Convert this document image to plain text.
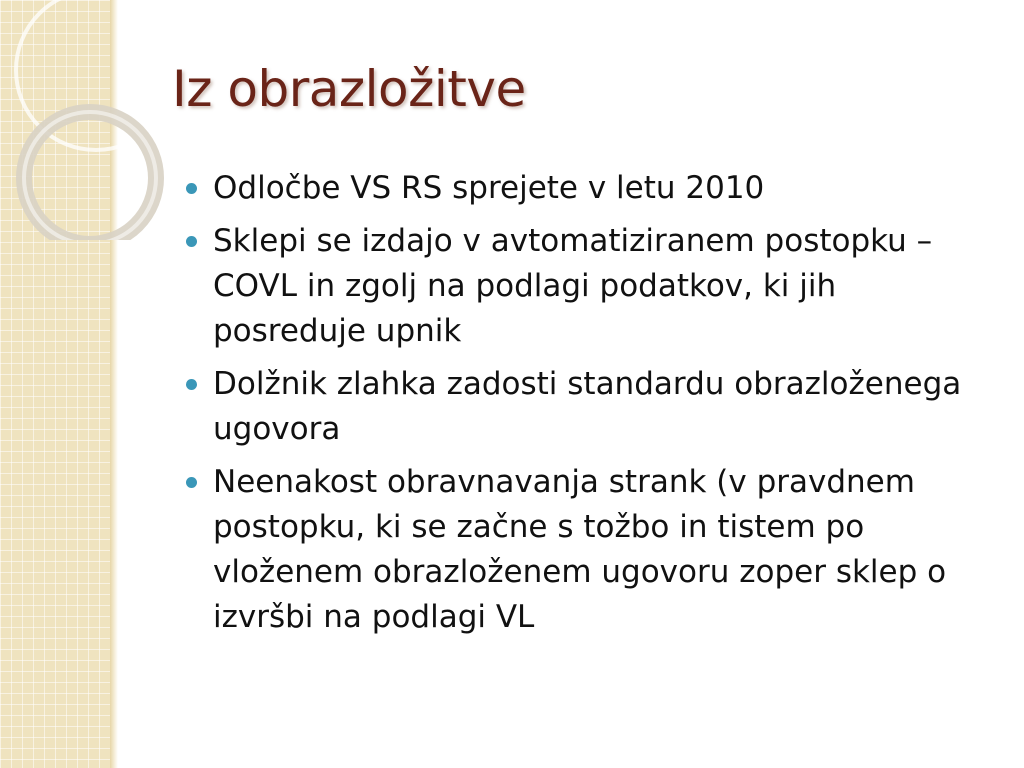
Iz obrazložitve
Odločbe VS RS sprejete v letu 2010
Sklepi se izdajo v avtomatiziranem postopku – COVL in zgolj na podlagi podatkov, ki jih posreduje upnik
Dolžnik zlahka zadosti standardu obrazloženega ugovora
Neenakost obravnavanja strank (v pravdnem postopku, ki se začne s tožbo in tistem po vloženem obrazloženem ugovoru zoper sklep o izvršbi na podlagi VL
